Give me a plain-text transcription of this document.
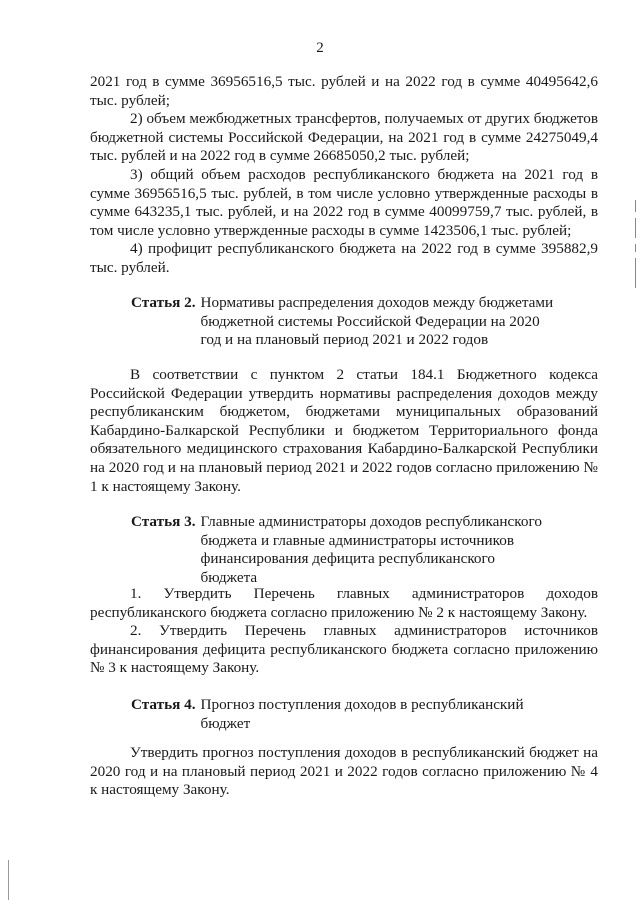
2

2021 год в сумме 36956516,5 тыс. рублей и на 2022 год в сумме 40495642,6 тыс. рублей;

2) объем межбюджетных трансфертов, получаемых от других бюджетов бюджетной системы Российской Федерации, на 2021 год в сумме 24275049,4 тыс. рублей и на 2022 год в сумме 26685050,2 тыс. рублей;

3) общий объем расходов республиканского бюджета на 2021 год в сумме 36956516,5 тыс. рублей, в том числе условно утвержденные расходы в сумме 643235,1 тыс. рублей, и на 2022 год в сумме 40099759,7 тыс. рублей, в том числе условно утвержденные расходы в сумме 1423506,1 тыс. рублей;

4) профицит республиканского бюджета на 2022 год в сумме 395882,9 тыс. рублей.

Статья 2. Нормативы распределения доходов между бюджетами бюджетной системы Российской Федерации на 2020 год и на плановый период 2021 и 2022 годов

В соответствии с пунктом 2 статьи 184.1 Бюджетного кодекса Российской Федерации утвердить нормативы распределения доходов между республиканским бюджетом, бюджетами муниципальных образований Кабардино-Балкарской Республики и бюджетом Территориального фонда обязательного медицинского страхования Кабардино-Балкарской Республики на 2020 год и на плановый период 2021 и 2022 годов согласно приложению № 1 к настоящему Закону.

Статья 3. Главные администраторы доходов республиканского бюджета и главные администраторы источников финансирования дефицита республиканского бюджета

1. Утвердить Перечень главных администраторов доходов республиканского бюджета согласно приложению № 2 к настоящему Закону.

2. Утвердить Перечень главных администраторов источников финансирования дефицита республиканского бюджета согласно приложению № 3 к настоящему Закону.

Статья 4. Прогноз поступления доходов в республиканский бюджет

Утвердить прогноз поступления доходов в республиканский бюджет на 2020 год и на плановый период 2021 и 2022 годов согласно приложению № 4 к настоящему Закону.
